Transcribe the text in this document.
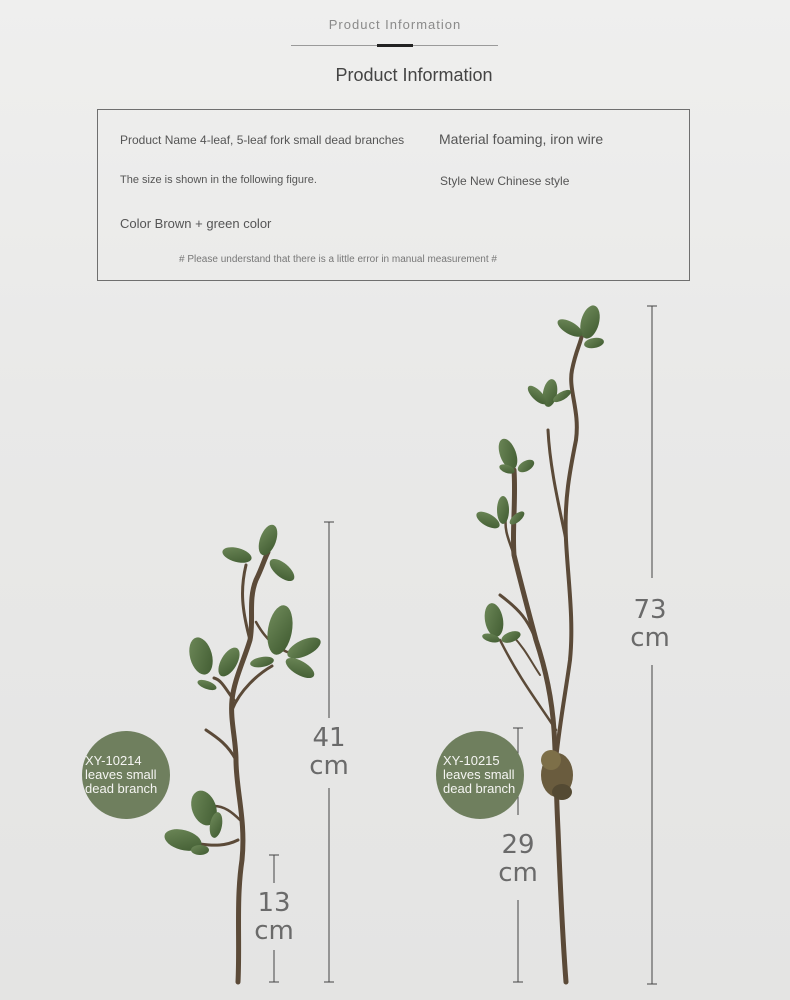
Product Information
Product Information
Product Name 4-leaf, 5-leaf fork small dead branches Material foaming, iron wire
The size is shown in the following figure.	Style New Chinese style
Color Brown + green color
# Please understand that there is a little error in manual measurement #
XY-10214
leaves small
dead branch
XY-10215
leaves small
dead branch
41
cm
13
cm
73
cm
29
cm
